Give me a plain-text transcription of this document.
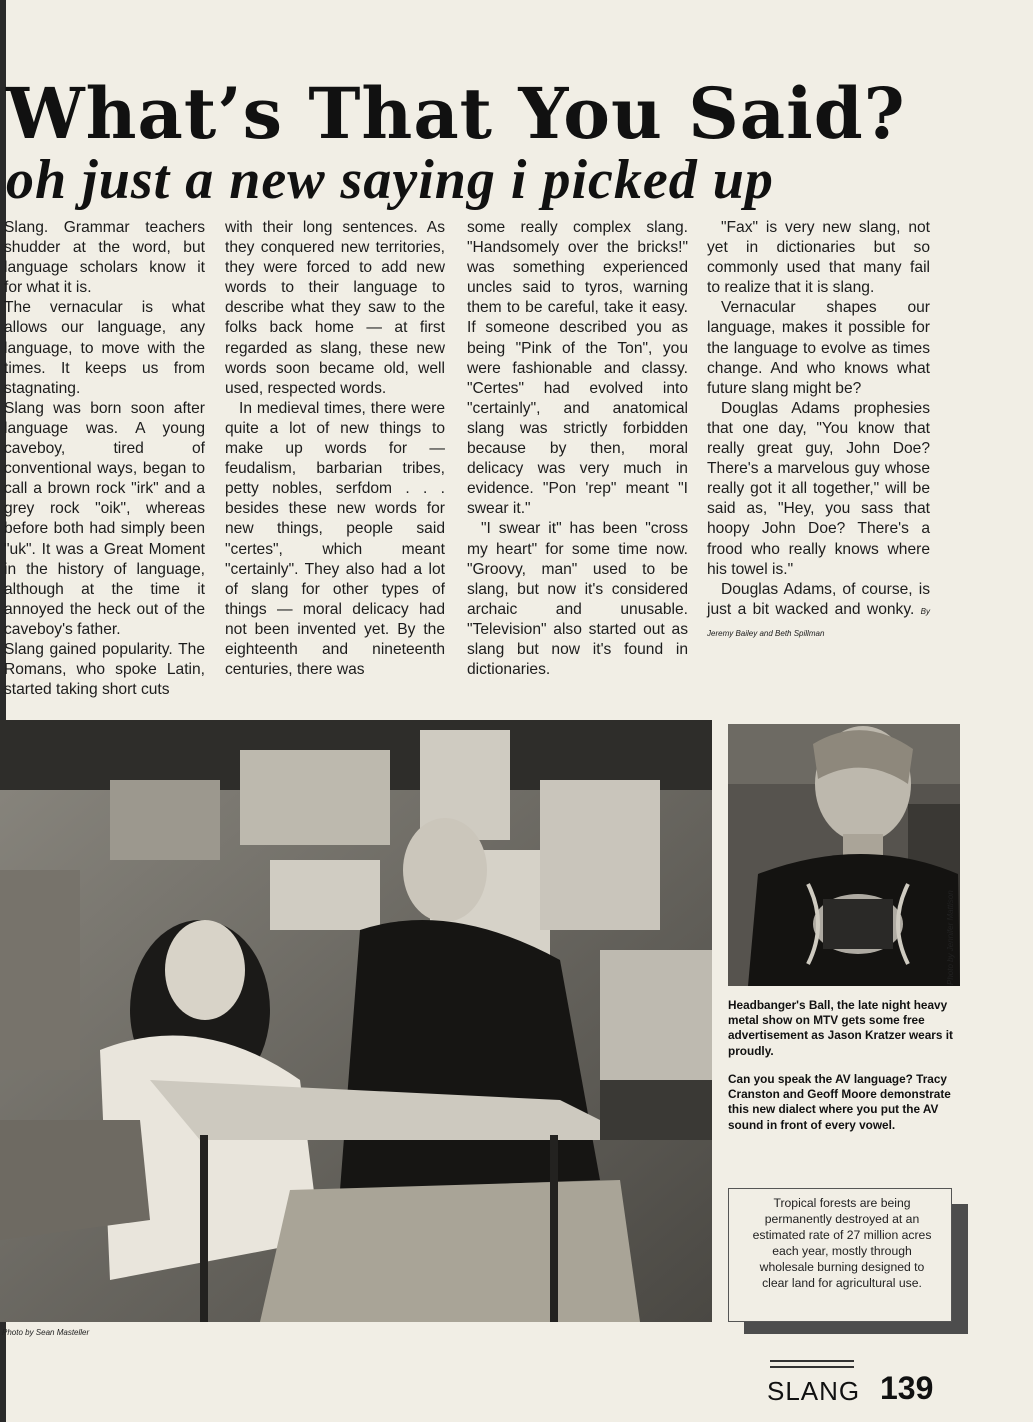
What’s That You Said?
oh just a new saying i picked up

Slang. Grammar teachers shudder at the word, but language scholars know it for what it is.

The vernacular is what allows our language, any language, to move with the times. It keeps us from stagnating.

Slang was born soon after language was. A young caveboy, tired of conventional ways, began to call a brown rock "irk" and a grey rock "oik", whereas before both had simply been "uk". It was a Great Moment in the history of language, although at the time it annoyed the heck out of the caveboy's father.

Slang gained popularity. The Romans, who spoke Latin, started taking short cuts

with their long sentences. As they conquered new territories, they were forced to add new words to their language to describe what they saw to the folks back home — at first regarded as slang, these new words soon became old, well used, respected words.

In medieval times, there were quite a lot of new things to make up words for — feudalism, barbarian tribes, petty nobles, serfdom . . . besides these new words for new things, people said "certes", which meant "certainly". They also had a lot of slang for other types of things — moral delicacy had not been invented yet. By the eighteenth and nineteenth centuries, there was

some really complex slang. "Handsomely over the bricks!" was something experienced uncles said to tyros, warning them to be careful, take it easy. If someone described you as being "Pink of the Ton", you were fashionable and classy. "Certes" had evolved into "certainly", and anatomical slang was strictly forbidden because by then, moral delicacy was very much in evidence. "Pon 'rep" meant "I swear it."

"I swear it" has been "cross my heart" for some time now. "Groovy, man" used to be slang, but now it's considered archaic and unusable. "Television" also started out as slang but now it's found in dictionaries.

"Fax" is very new slang, not yet in dictionaries but so commonly used that many fail to realize that it is slang.

Vernacular shapes our language, makes it possible for the language to evolve as times change. And who knows what future slang might be?

Douglas Adams prophesies that one day, "You know that really great guy, John Doe? There's a marvelous guy whose really got it all together," will be said as, "Hey, you sass that hoopy John Doe? There's a frood who really knows where his towel is."

Douglas Adams, of course, is just a bit wacked and wonky. By Jeremy Bailey and Beth Spillman

Photo by Sean Masteller
Photo by Jennifer Mattison

Headbanger's Ball, the late night heavy metal show on MTV gets some free advertisement as Jason Kratzer wears it proudly.

Can you speak the AV language? Tracy Cranston and Geoff Moore demonstrate this new dialect where you put the AV sound in front of every vowel.

Tropical forests are being permanently destroyed at an estimated rate of 27 million acres each year, mostly through wholesale burning designed to clear land for agricultural use.

SLANG 139
